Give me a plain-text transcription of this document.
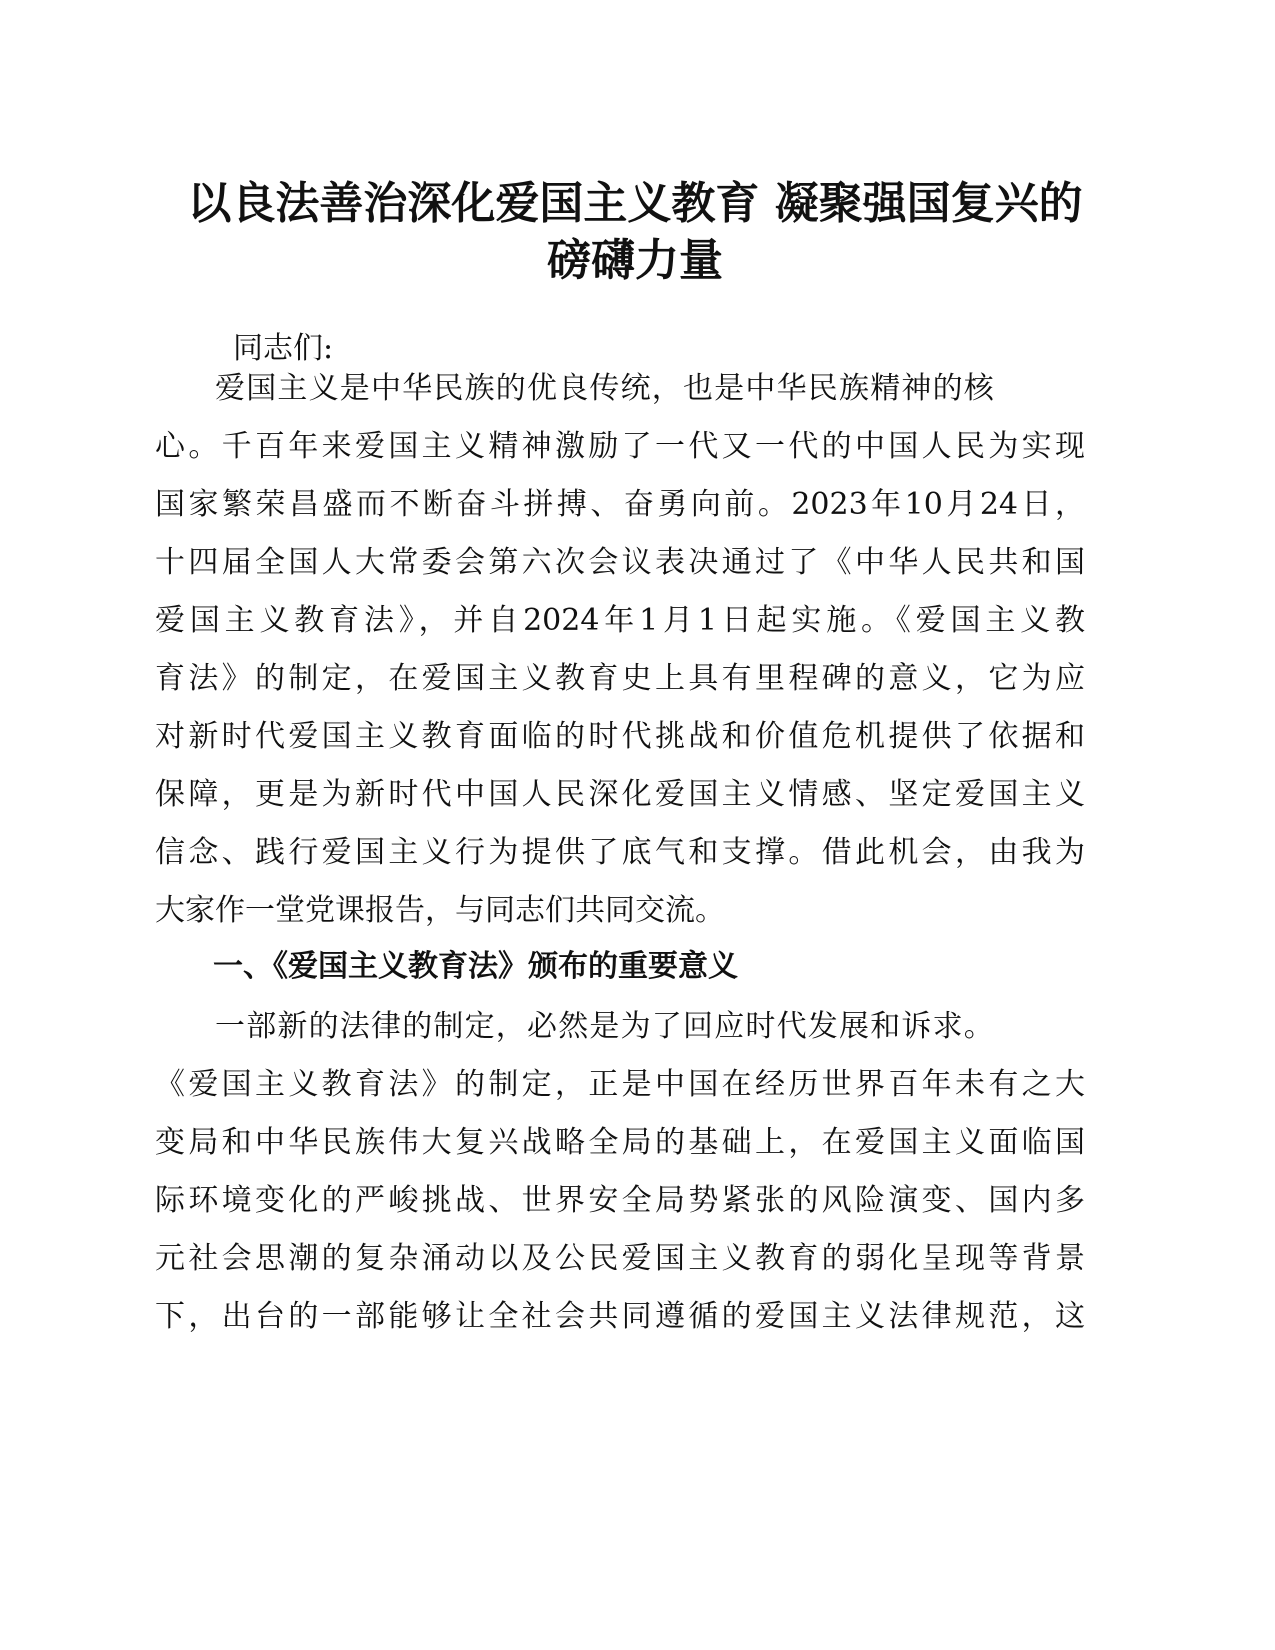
以良法善治深化爱国主义教育 凝聚强国复兴的
磅礴力量
同志们:
爱国主义是中华民族的优良传统，也是中华民族精神的核
心。千百年来爱国主义精神激励了一代又一代的中国人民为实现
国家繁荣昌盛而不断奋斗拼搏、奋勇向前。2023年10月24日，
十四届全国人大常委会第六次会议表决通过了《中华人民共和国
爱国主义教育法》，并自2024年1月1日起实施。《爱国主义教
育法》的制定，在爱国主义教育史上具有里程碑的意义，它为应
对新时代爱国主义教育面临的时代挑战和价值危机提供了依据和
保障，更是为新时代中国人民深化爱国主义情感、坚定爱国主义
信念、践行爱国主义行为提供了底气和支撑。借此机会，由我为
大家作一堂党课报告，与同志们共同交流。
一、《爱国主义教育法》颁布的重要意义
一部新的法律的制定，必然是为了回应时代发展和诉求。
《爱国主义教育法》的制定，正是中国在经历世界百年未有之大
变局和中华民族伟大复兴战略全局的基础上，在爱国主义面临国
际环境变化的严峻挑战、世界安全局势紧张的风险演变、国内多
元社会思潮的复杂涌动以及公民爱国主义教育的弱化呈现等背景
下，出台的一部能够让全社会共同遵循的爱国主义法律规范，这
